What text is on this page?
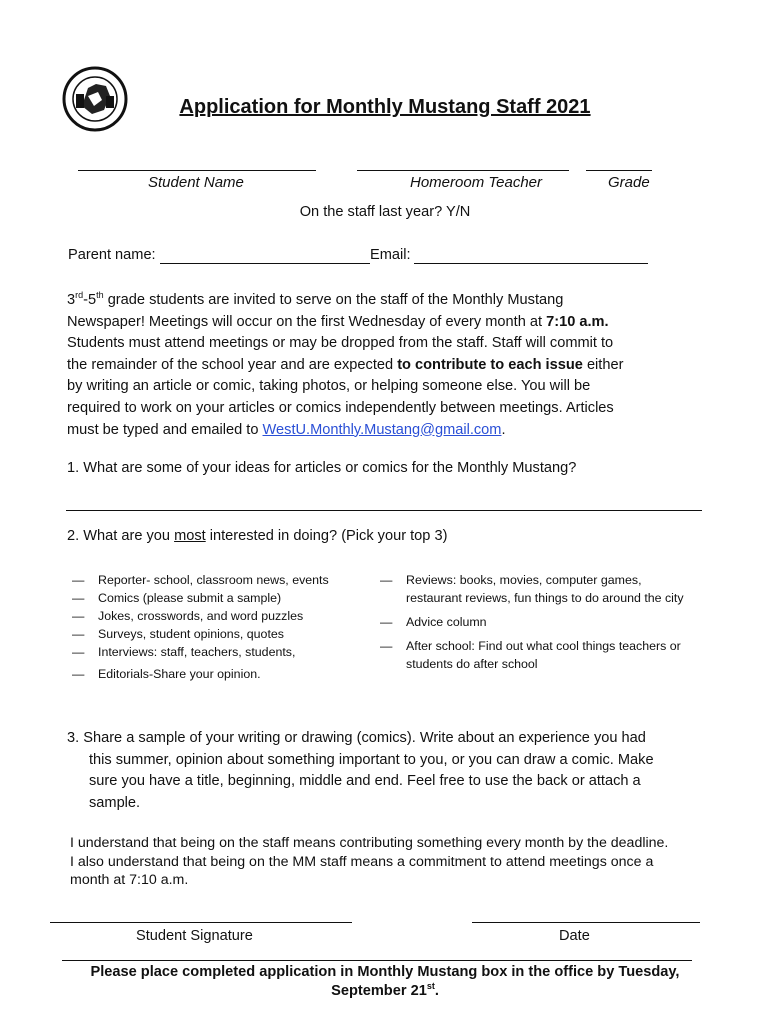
Application for Monthly Mustang Staff 2021
Student Name	Homeroom Teacher	Grade
On the staff last year? Y/N
Parent name:	Email:
3rd-5th grade students are invited to serve on the staff of the Monthly Mustang
Newspaper! Meetings will occur on the first Wednesday of every month at 7:10 a.m.
Students must attend meetings or may be dropped from the staff. Staff will commit to
the remainder of the school year and are expected to contribute to each issue either
by writing an article or comic, taking photos, or helping someone else. You will be
required to work on your articles or comics independently between meetings. Articles
must be typed and emailed to WestU.Monthly.Mustang@gmail.com.
1. What are some of your ideas for articles or comics for the Monthly Mustang?
2. What are you most interested in doing? (Pick your top 3)
— Reporter- school, classroom news, events
— Comics (please submit a sample)
— Jokes, crosswords, and word puzzles
— Surveys, student opinions, quotes
— Interviews: staff, teachers, students,
— Editorials-Share your opinion.
— Reviews: books, movies, computer games,
restaurant reviews, fun things to do around the city
— Advice column
— After school: Find out what cool things teachers or
students do after school
3. Share a sample of your writing or drawing (comics). Write about an experience you had
this summer, opinion about something important to you, or you can draw a comic. Make
sure you have a title, beginning, middle and end. Feel free to use the back or attach a
sample.
I understand that being on the staff means contributing something every month by the deadline.
I also understand that being on the MM staff means a commitment to attend meetings once a
month at 7:10 a.m.
Student Signature	Date
Please place completed application in Monthly Mustang box in the office by Tuesday,
September 21st.
